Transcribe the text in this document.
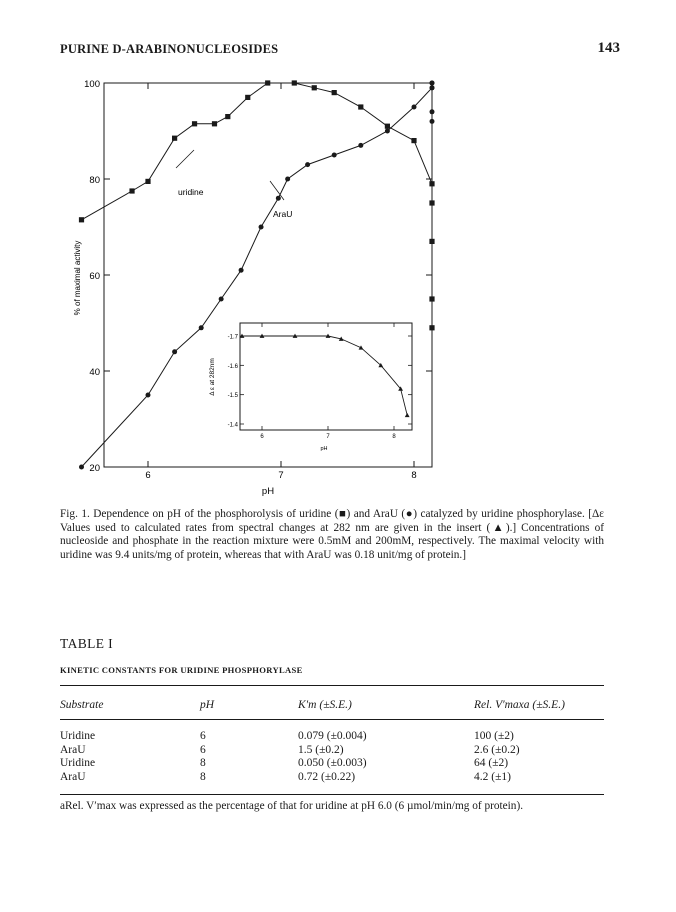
PURINE D-ARABINONUCLEOSIDES	143
20
40
60
80
100
6	7	8
% of maximal activity
pH
uridine
AraU
-1.7
-1.6
-1.5
-1.4
6	7	8
Δ ε at 282nm
pH

Fig. 1. Dependence on pH of the phosphorolysis of uridine (■) and AraU (●) catalyzed by uridine phosphorylase. [Δε Values used to calculated rates from spectral changes at 282 nm are given in the insert (▲).] Concentrations of nucleoside and phosphate in the reaction mixture were 0.5mM and 200mM, respectively. The maximal velocity with uridine was 9.4 units/mg of protein, whereas that with AraU was 0.18 unit/mg of protein.]

TABLE I
KINETIC CONSTANTS FOR URIDINE PHOSPHORYLASE
Substrate	pH	K′m (±S.E.)	Rel. V′maxa (±S.E.)
Uridine	6	0.079 (±0.004)	100 (±2)
AraU	6	1.5 (±0.2)	2.6 (±0.2)
Uridine	8	0.050 (±0.003)	64 (±2)
AraU	8	0.72 (±0.22)	4.2 (±1)
aRel. V′max was expressed as the percentage of that for uridine at pH 6.0 (6 µmol/min/mg of protein).
